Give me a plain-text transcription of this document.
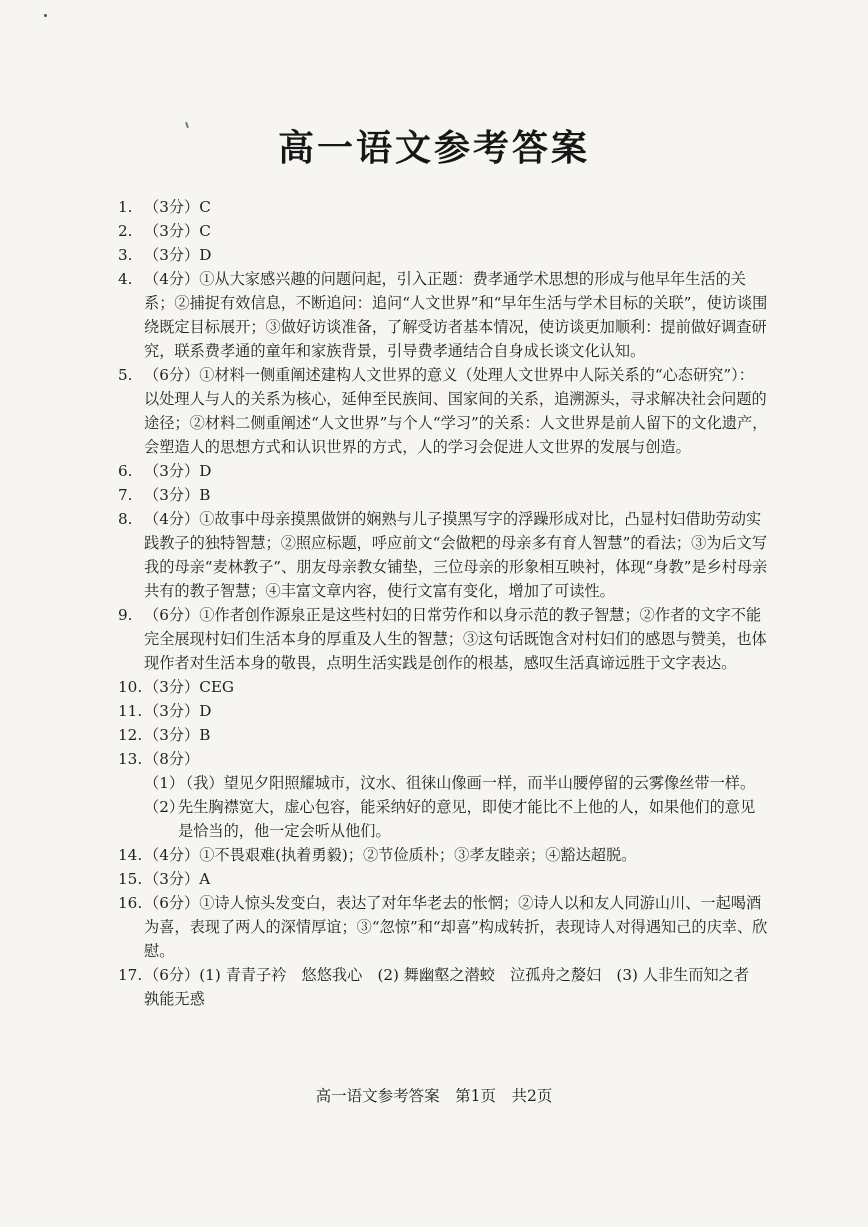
高一语文参考答案
1. （3分）C
2. （3分）C
3. （3分）D
4. （4分）①从大家感兴趣的问题问起，引入正题：费孝通学术思想的形成与他早年生活的关系；②捕捉有效信息，不断追问：追问“人文世界”和“早年生活与学术目标的关联”，使访谈围绕既定目标展开；③做好访谈准备，了解受访者基本情况，使访谈更加顺利：提前做好调查研究，联系费孝通的童年和家族背景，引导费孝通结合自身成长谈文化认知。
5. （6分）①材料一侧重阐述建构人文世界的意义（处理人文世界中人际关系的“心态研究”）：以处理人与人的关系为核心，延伸至民族间、国家间的关系，追溯源头，寻求解决社会问题的途径；②材料二侧重阐述“人文世界”与个人“学习”的关系：人文世界是前人留下的文化遗产，会塑造人的思想方式和认识世界的方式，人的学习会促进人文世界的发展与创造。
6. （3分）D
7. （3分）B
8. （4分）①故事中母亲摸黑做饼的娴熟与儿子摸黑写字的浮躁形成对比，凸显村妇借助劳动实践教子的独特智慧；②照应标题，呼应前文“会做粑的母亲多有育人智慧”的看法；③为后文写我的母亲“麦林教子”、朋友母亲教女铺垫，三位母亲的形象相互映衬，体现“身教”是乡村母亲共有的教子智慧；④丰富文章内容，使行文富有变化，增加了可读性。
9. （6分）①作者创作源泉正是这些村妇的日常劳作和以身示范的教子智慧；②作者的文字不能完全展现村妇们生活本身的厚重及人生的智慧；③这句话既饱含对村妇们的感恩与赞美，也体现作者对生活本身的敬畏，点明生活实践是创作的根基，感叹生活真谛远胜于文字表达。
10. （3分）CEG
11. （3分）D
12. （3分）B
13. （8分）
（1）
（我）望见夕阳照耀城市，汶水、徂徕山像画一样，而半山腰停留的云雾像丝带一样。
（2）
先生胸襟宽大，虚心包容，能采纳好的意见，即使才能比不上他的人，如果他们的意见是恰当的，他一定会听从他们。
14. （4分）①不畏艰难(执着勇毅)；②节俭质朴；③孝友睦亲；④豁达超脱。
15. （3分）A
16. （6分）①诗人惊头发变白，表达了对年华老去的怅惘；②诗人以和友人同游山川、一起喝酒为喜，表现了两人的深情厚谊；③“忽惊”和“却喜”构成转折，表现诗人对得遇知己的庆幸、欣慰。
17. （6分）(1) 青青子衿　悠悠我心　(2) 舞幽壑之潜蛟　泣孤舟之嫠妇　(3) 人非生而知之者　孰能无惑
高一语文参考答案　第1页　共2页
